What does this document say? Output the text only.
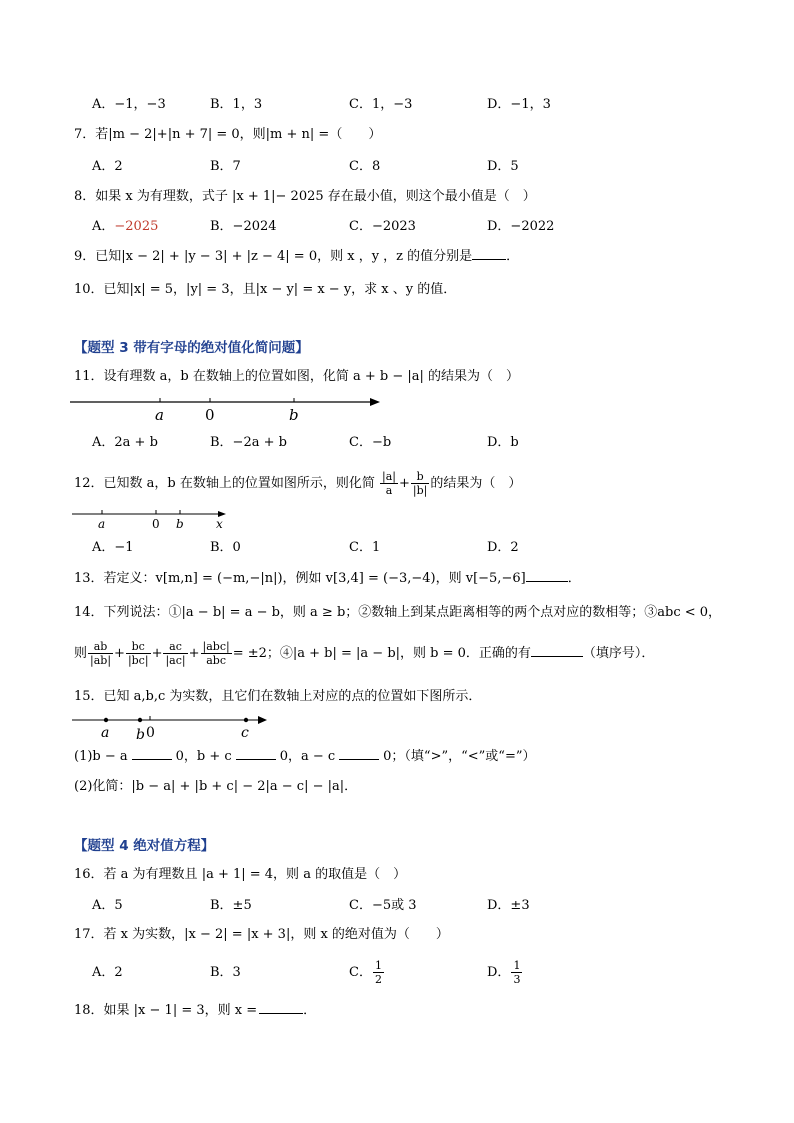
A．−1，−3	B．1，3	C．1，−3	D．−1，3
7．若|m − 2|+|n + 7| = 0，则|m + n| =（　　）
A．2	B．7	C．8	D．5
8．如果 x 为有理数，式子 |x + 1|− 2025 存在最小值，则这个最小值是（　）
A．−2025	B．−2024	C．−2023	D．−2022
9．已知|x − 2| + |y − 3| + |z − 4| = 0，则 x ，y ，z 的值分别是	．
10．已知|x| = 5，|y| = 3，且|x − y| = x − y，求 x 、y 的值．
【题型 3 带有字母的绝对值化简问题】
11．设有理数 a，b 在数轴上的位置如图，化简 a + b − |a| 的结果为（　）
a	0	b
A．2a + b	B．−2a + b	C．−b	D．b
12．已知数 a，b 在数轴上的位置如图所示，则化简 $\frac{|a|}{a} + \frac{b}{|b|}$ 的结果为（　）
a	0 b	x
A．−1	B．0	C．1	D．2
13．若定义：v[m,n] = (−m,−|n|)，例如 v[3,4] = (−3,−4)，则 v[−5,−6]	．
14．下列说法：①|a − b| = a − b，则 a ≥ b；②数轴上到某点距离相等的两个点对应的数相等；③abc < 0，
则 $\frac{ab}{|ab|} + \frac{bc}{|bc|} + \frac{ac}{|ac|} + \frac{\text{|abc|}}{\text{abc}} = \pm 2$；④|a + b| = |a − b|，则 b = 0．正确的有	（填序号）．
15．已知 a,b,c 为实数，且它们在数轴上对应的点的位置如下图所示．
a b 0	c
(1)b − a	0，b + c	0，a − c	0；（填“>”，“<”或“=”）
(2)化简：|b − a| + |b + c| − 2|a − c| − |a|．
【题型 4 绝对值方程】
16．若 a 为有理数且 |a + 1| = 4，则 a 的取值是（　）
A．5	B．±5	C．−5或 3	D．±3
17．若 x 为实数，|x − 2| = |x + 3|，则 x 的绝对值为（　　）
A．2	B．3	C． $\frac{1}{2}$	D． $\frac{1}{3}$
18．如果 |x − 1| = 3，则 x =	．
